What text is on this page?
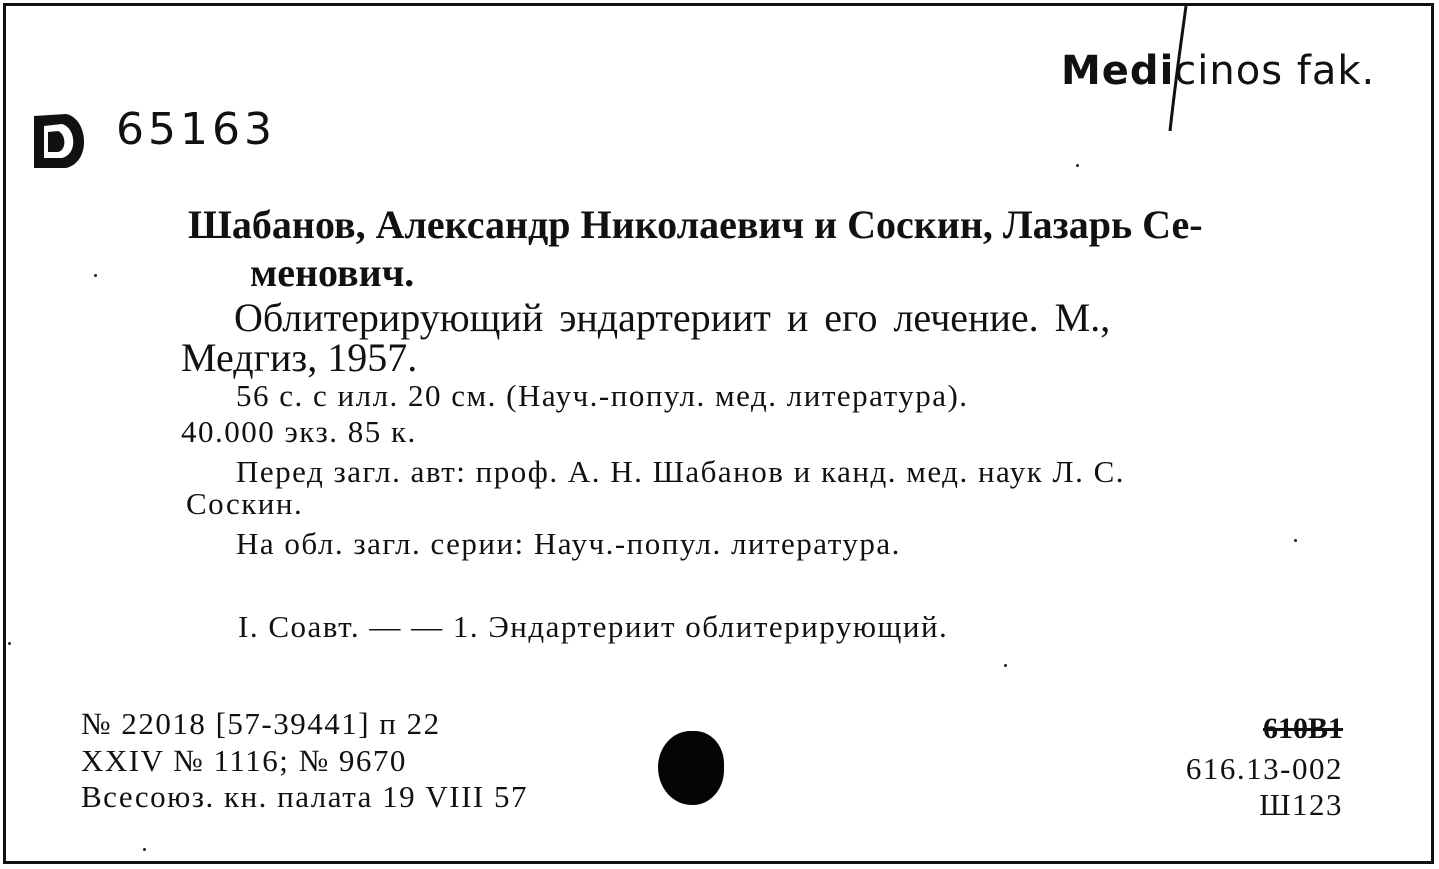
Medicinos fak.
65163
Шабанов, Александр Николаевич и Соскин, Лазарь Се-
менович.
Облитерирующий эндартериит и его лечение. М.,
Медгиз, 1957.
56 с. с илл. 20 см. (Науч.-попул. мед. литература).
40.000 экз. 85 к.
Перед загл. авт: проф. А. Н. Шабанов и канд. мед. наук Л. С.
Соскин.
На обл. загл. серии: Науч.-попул. литература.
I. Соавт. — — 1. Эндартериит облитерирующий.
№ 22018 [57-39441] п 22
XXIV № 1116; № 9670
Всесоюз. кн. палата 19 VIII 57
610В1
616.13-002
Ш123
